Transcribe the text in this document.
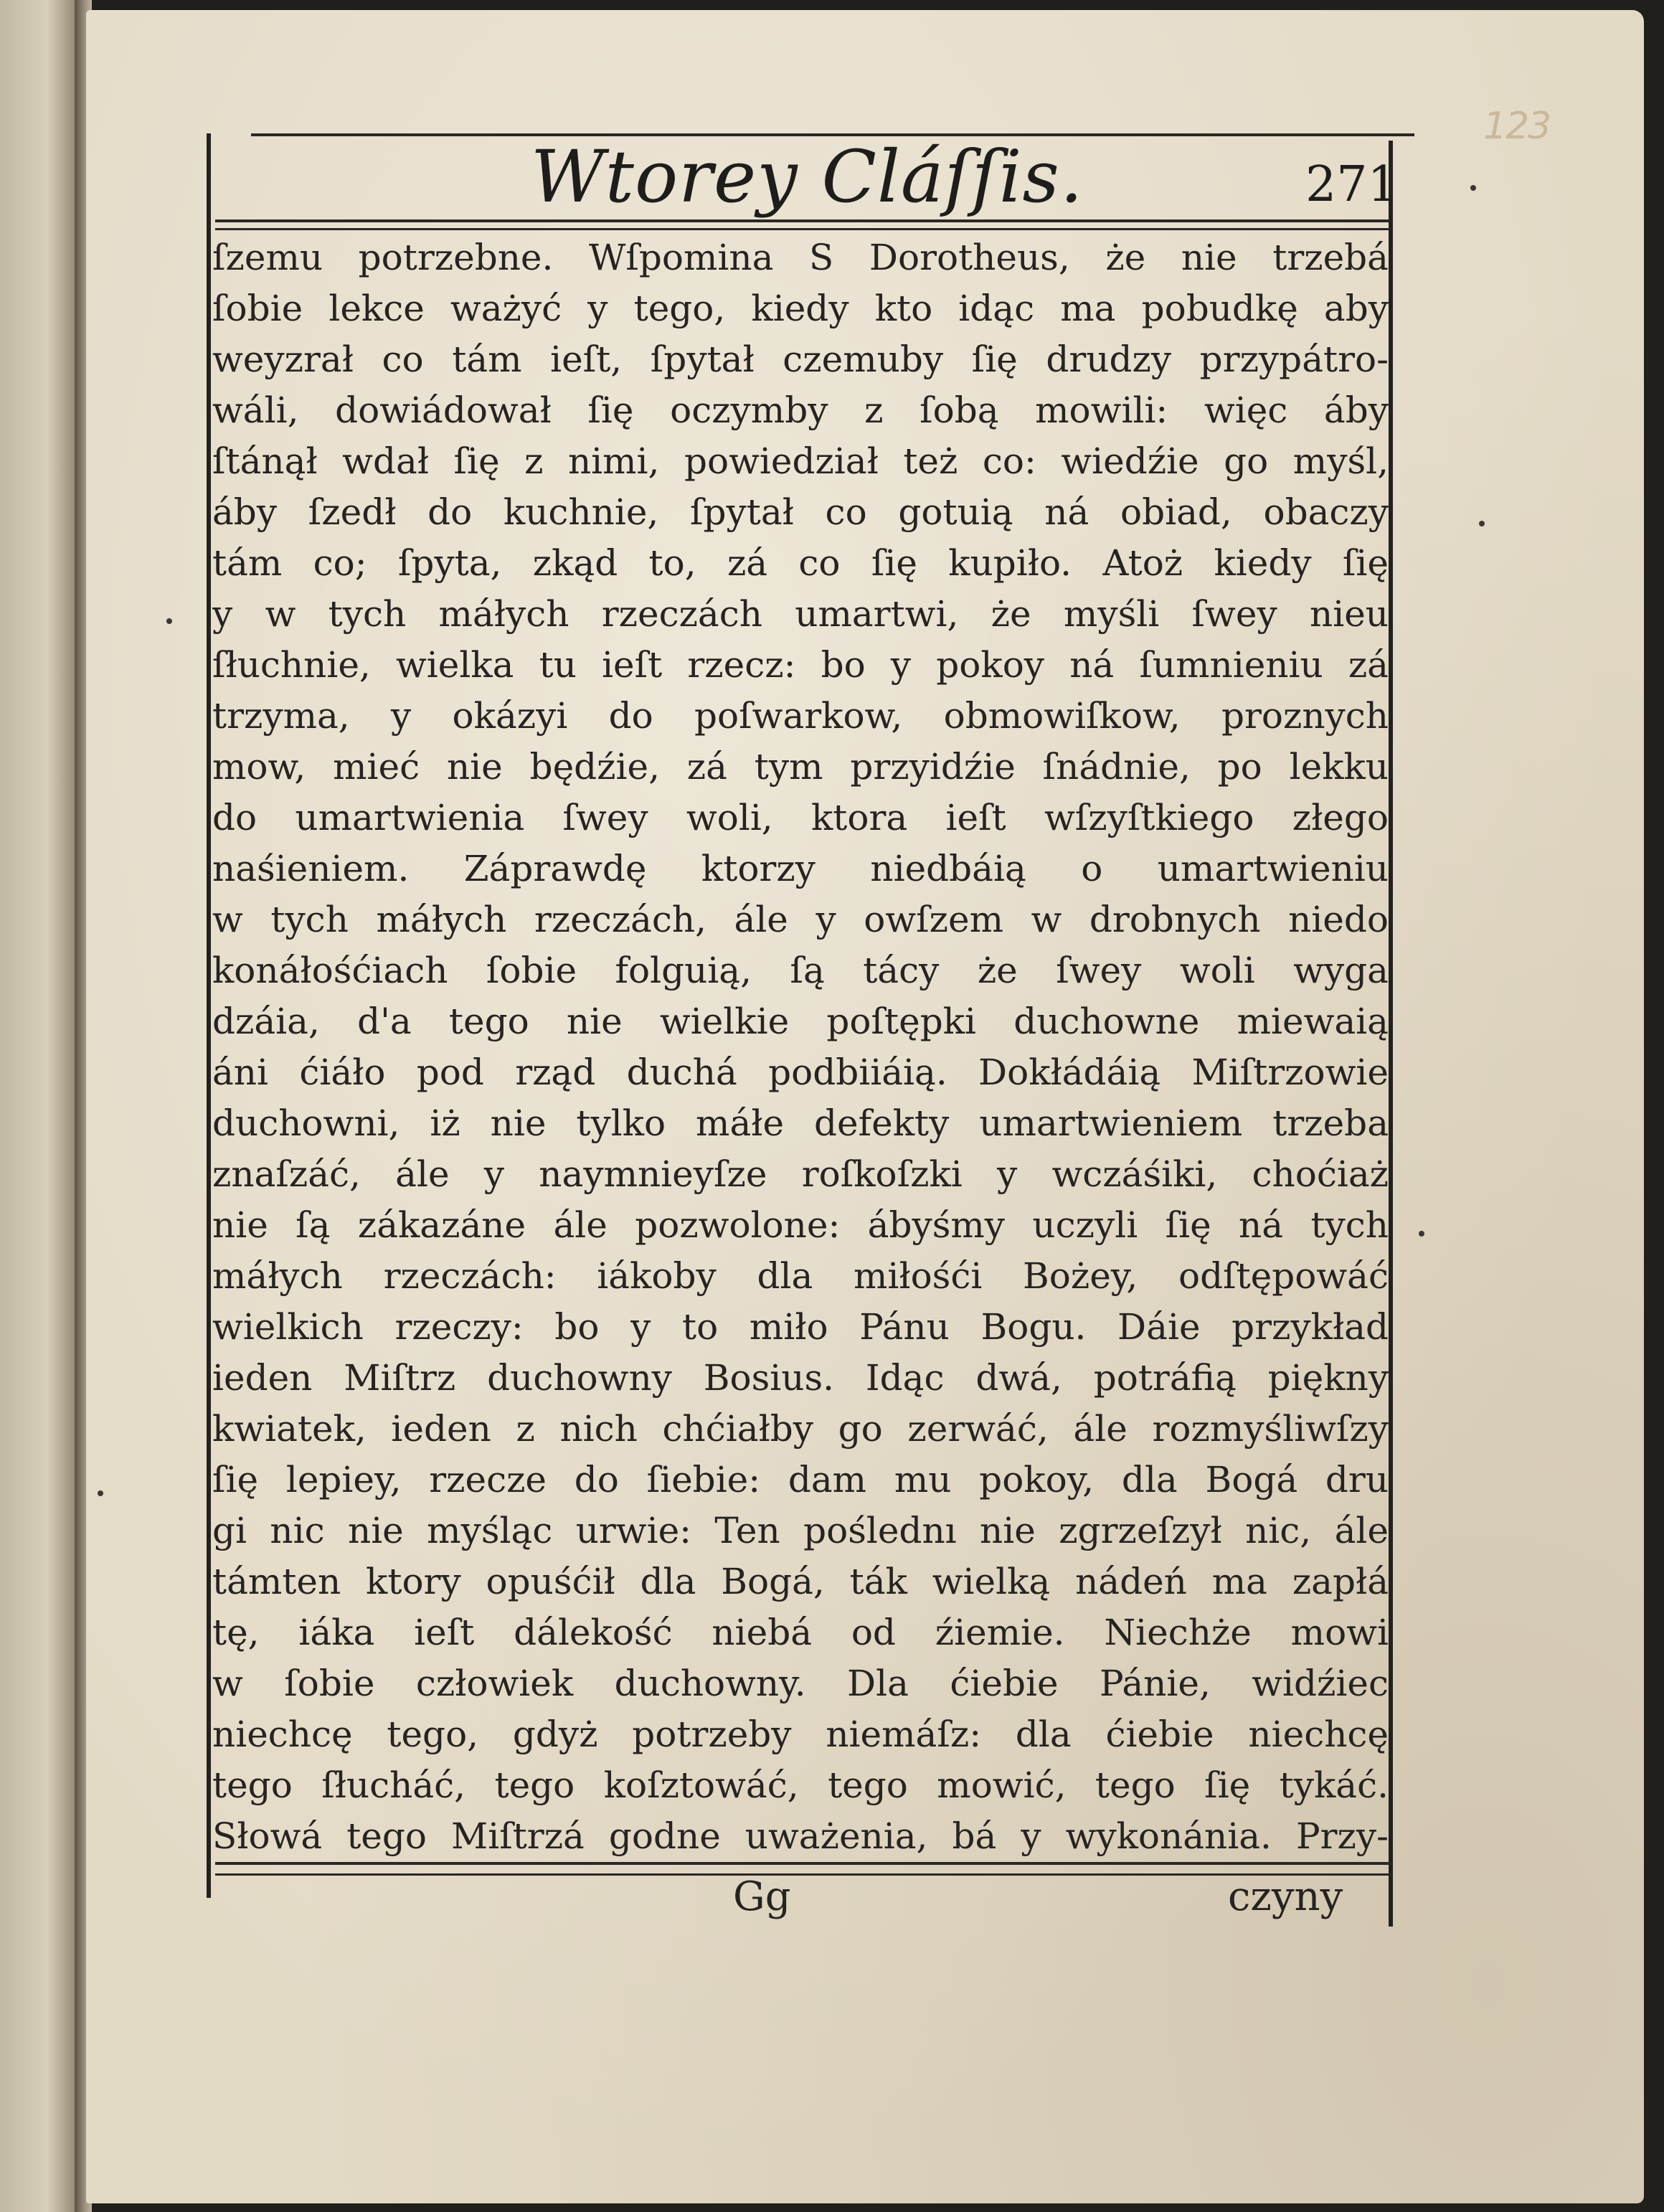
123
Wtorey Cláſſis.	271
ſzemu potrzebne. Wſpomina S Dorotheus, że nie trzebá
ſobie lekce ważyć y tego, kiedy kto idąc ma pobudkę aby
weyzrał co tám ieſt, ſpytał czemuby ſię drudzy przypátro-
wáli, dowiádował ſię oczymby z ſobą mowili: więc áby
ſtánął wdał ſię z nimi, powiedział też co: wiedźie go myśl,
áby ſzedł do kuchnie, ſpytał co gotuią ná obiad, obaczy
tám co; ſpyta, zkąd to, zá co ſię kupiło. Atoż kiedy ſię
y w tych máłych rzeczách umartwi, że myśli ſwey nieu
ſłuchnie, wielka tu ieſt rzecz: bo y pokoy ná ſumnieniu zá
trzyma, y okázyi do poſwarkow, obmowiſkow, proznych
mow, mieć nie będźie, zá tym przyidźie ſnádnie, po lekku
do umartwienia ſwey woli, ktora ieſt wſzyſtkiego złego
naśieniem. Záprawdę ktorzy niedbáią o umartwieniu
w tych máłych rzeczách, ále y owſzem w drobnych niedo
konáłośćiach ſobie folguią, ſą tácy że ſwey woli wyga
dzáia, d'a tego nie wielkie poſtępki duchowne miewaią
áni ćiáło pod rząd duchá podbiiáią. Dokłádáią Miſtrzowie
duchowni, iż nie tylko máłe defekty umartwieniem trzeba
znaſzáć, ále y naymnieyſze roſkoſzki y wczáśiki, choćiaż
nie ſą zákazáne ále pozwolone: ábyśmy uczyli ſię ná tych
máłych rzeczách: iákoby dla miłośći Bożey, odſtępowáć
wielkich rzeczy: bo y to miło Pánu Bogu. Dáie przykład
ieden Miſtrz duchowny Bosius. Idąc dwá, potráfią piękny
kwiatek, ieden z nich chćiałby go zerwáć, ále rozmyśliwſzy
ſię lepiey, rzecze do ſiebie: dam mu pokoy, dla Bogá dru
gi nic nie myśląc urwie: Ten poślednı nie zgrzeſzył nic, ále
támten ktory opuśćił dla Bogá, ták wielką nádeń ma zapłá
tę, iáka ieſt dálekość niebá od źiemie. Niechże mowi
w ſobie człowiek duchowny. Dla ćiebie Pánie, widźiec
niechcę tego, gdyż potrzeby niemáſz: dla ćiebie niechcę
tego ſłucháć, tego koſztowáć, tego mowić, tego ſię tykáć.
Słowá tego Miſtrzá godne uważenia, bá y wykonánia. Przy-
Gg	czyny
